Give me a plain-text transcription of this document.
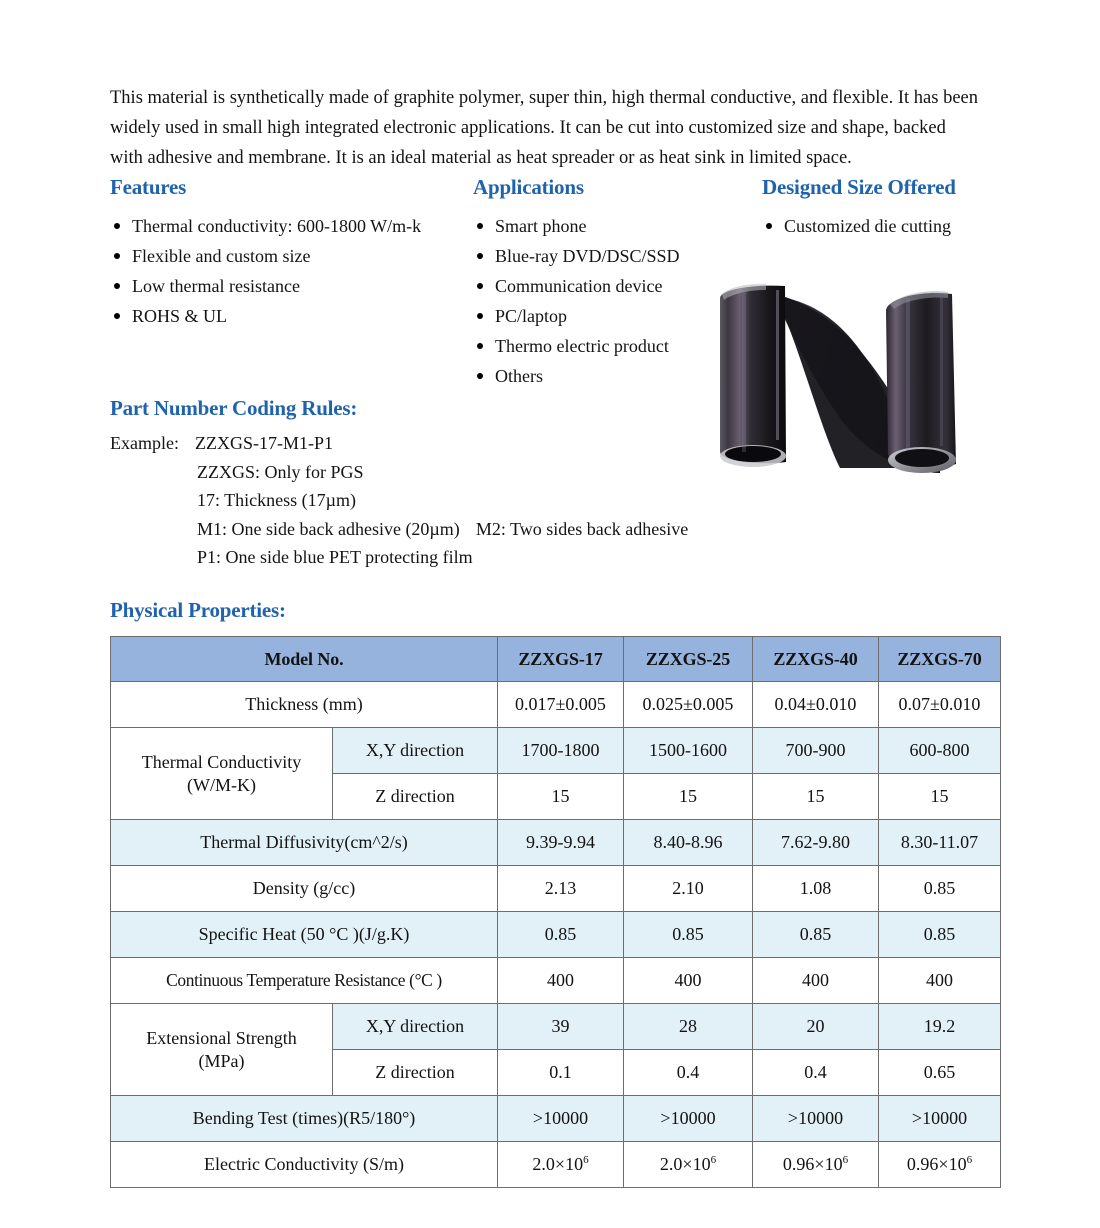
This material is synthetically made of graphite polymer, super thin, high thermal conductive, and flexible. It has been widely used in small high integrated electronic applications. It can be cut into customized size and shape, backed with adhesive and membrane. It is an ideal material as heat spreader or as heat sink in limited space.

Features
Thermal conductivity: 600-1800 W/m-k
Flexible and custom size
Low thermal resistance
ROHS & UL
Applications
Smart phone
Blue-ray DVD/DSC/SSD
Communication device
PC/laptop
Thermo electric product
Others
Designed Size Offered
Customized die cutting
Part Number Coding Rules:
Example: ZZXGS-17-M1-P1
ZZXGS: Only for PGS
17: Thickness (17µm)
M1: One side back adhesive (20µm) M2: Two sides back adhesive
P1: One side blue PET protecting film
Physical Properties:
Model No.		ZZXGS-17	ZZXGS-25	ZZXGS-40	ZZXGS-70
Thickness (mm)		0.017±0.005	0.025±0.005	0.04±0.010	0.07±0.010
Thermal Conductivity
(W/M-K)	X,Y direction	1700-1800	1500-1600	700-900	600-800
	Z direction	15	15	15	15
Thermal Diffusivity(cm^2/s)		9.39-9.94	8.40-8.96	7.62-9.80	8.30-11.07
Density (g/cc)		2.13	2.10	1.08	0.85
Specific Heat (50 °C )(J/g.K)		0.85	0.85	0.85	0.85
Continuous Temperature Resistance (°C )		400	400	400	400
Extensional Strength
(MPa)	X,Y direction	39	28	20	19.2
	Z direction	0.1	0.4	0.4	0.65
Bending Test (times)(R5/180°)		>10000	>10000	>10000	>10000
Electric Conductivity (S/m)		$2.0\times 10^6$	$2.0\times 10^6$	$0.96\times 10^6$	$0.96\times 10^6$
